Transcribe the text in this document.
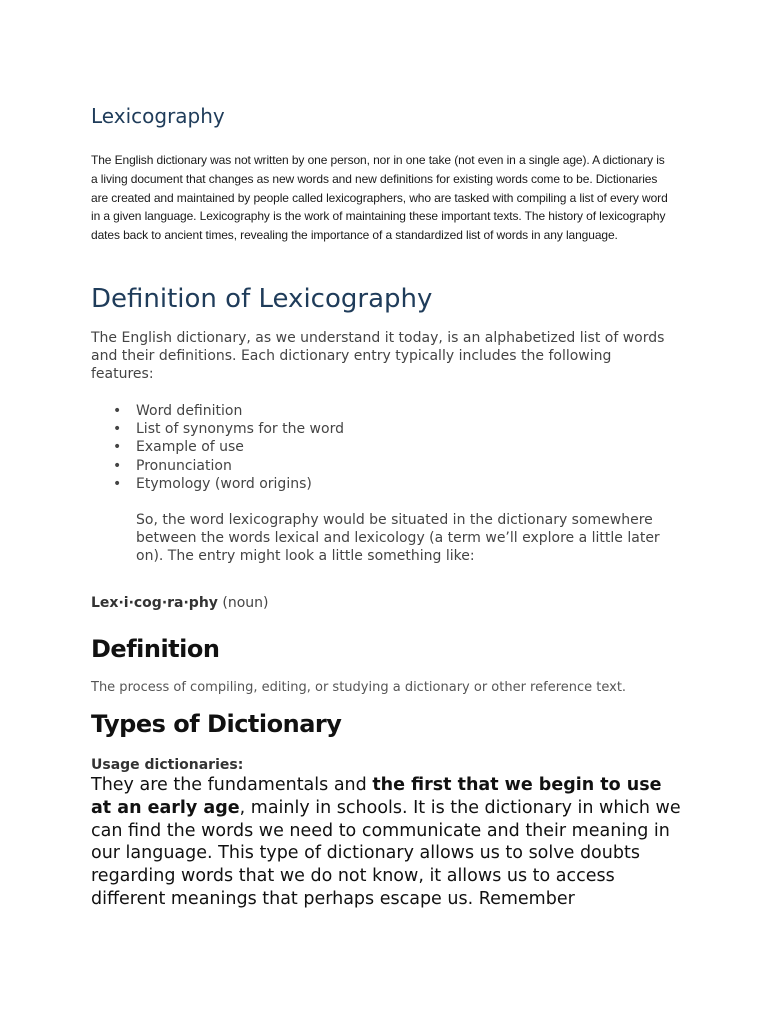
Lexicography

The English dictionary was not written by one person, nor in one take (not even in a single age). A dictionary is a living document that changes as new words and new definitions for existing words come to be. Dictionaries are created and maintained by people called lexicographers, who are tasked with compiling a list of every word in a given language. Lexicography is the work of maintaining these important texts. The history of lexicography dates back to ancient times, revealing the importance of a standardized list of words in any language.

Definition of Lexicography

The English dictionary, as we understand it today, is an alphabetized list of words and their definitions. Each dictionary entry typically includes the following features:

• Word definition
• List of synonyms for the word
• Example of use
• Pronunciation
• Etymology (word origins)

So, the word lexicography would be situated in the dictionary somewhere between the words lexical and lexicology (a term we’ll explore a little later on). The entry might look a little something like:

Lex·i·cog·ra·phy (noun)

Definition

The process of compiling, editing, or studying a dictionary or other reference text.

Types of Dictionary

Usage dictionaries:

They are the fundamentals and the first that we begin to use at an early age, mainly in schools. It is the dictionary in which we can find the words we need to communicate and their meaning in our language. This type of dictionary allows us to solve doubts regarding words that we do not know, it allows us to access different meanings that perhaps escape us. Remember
